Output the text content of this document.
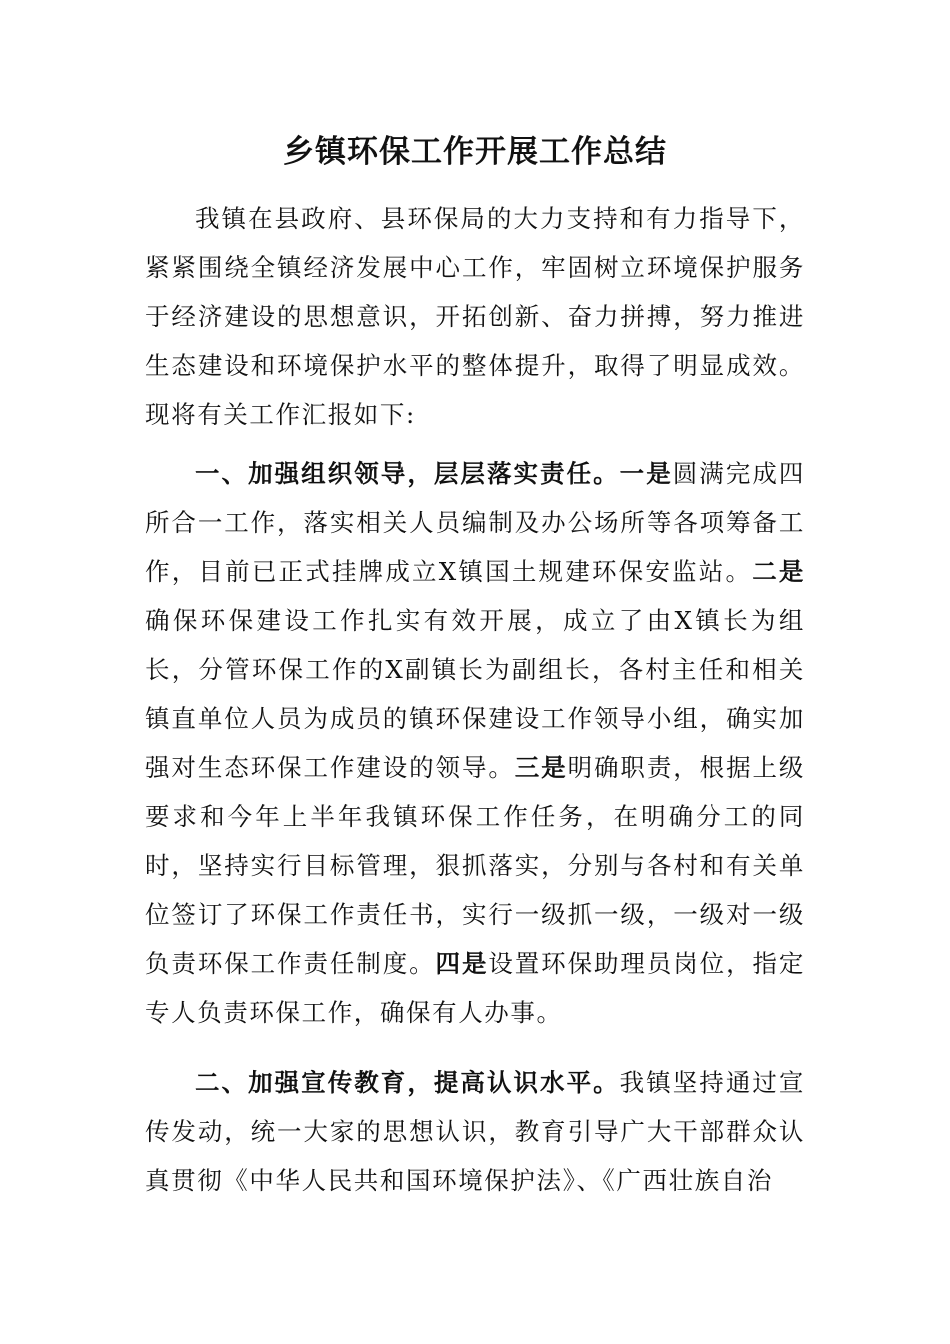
乡镇环保工作开展工作总结

我镇在县政府、县环保局的大力支持和有力指导下，紧紧围绕全镇经济发展中心工作，牢固树立环境保护服务于经济建设的思想意识，开拓创新、奋力拼搏，努力推进生态建设和环境保护水平的整体提升，取得了明显成效。现将有关工作汇报如下:

一、加强组织领导，层层落实责任。一是圆满完成四所合一工作，落实相关人员编制及办公场所等各项筹备工作，目前已正式挂牌成立X镇国土规建环保安监站。二是确保环保建设工作扎实有效开展，成立了由X镇长为组长，分管环保工作的X副镇长为副组长，各村主任和相关镇直单位人员为成员的镇环保建设工作领导小组，确实加强对生态环保工作建设的领导。三是明确职责，根据上级要求和今年上半年我镇环保工作任务，在明确分工的同时，坚持实行目标管理，狠抓落实，分别与各村和有关单位签订了环保工作责任书，实行一级抓一级，一级对一级负责环保工作责任制度。四是设置环保助理员岗位，指定专人负责环保工作，确保有人办事。

二、加强宣传教育，提高认识水平。我镇坚持通过宣传发动，统一大家的思想认识，教育引导广大干部群众认真贯彻《中华人民共和国环境保护法》、《广西壮族自治
